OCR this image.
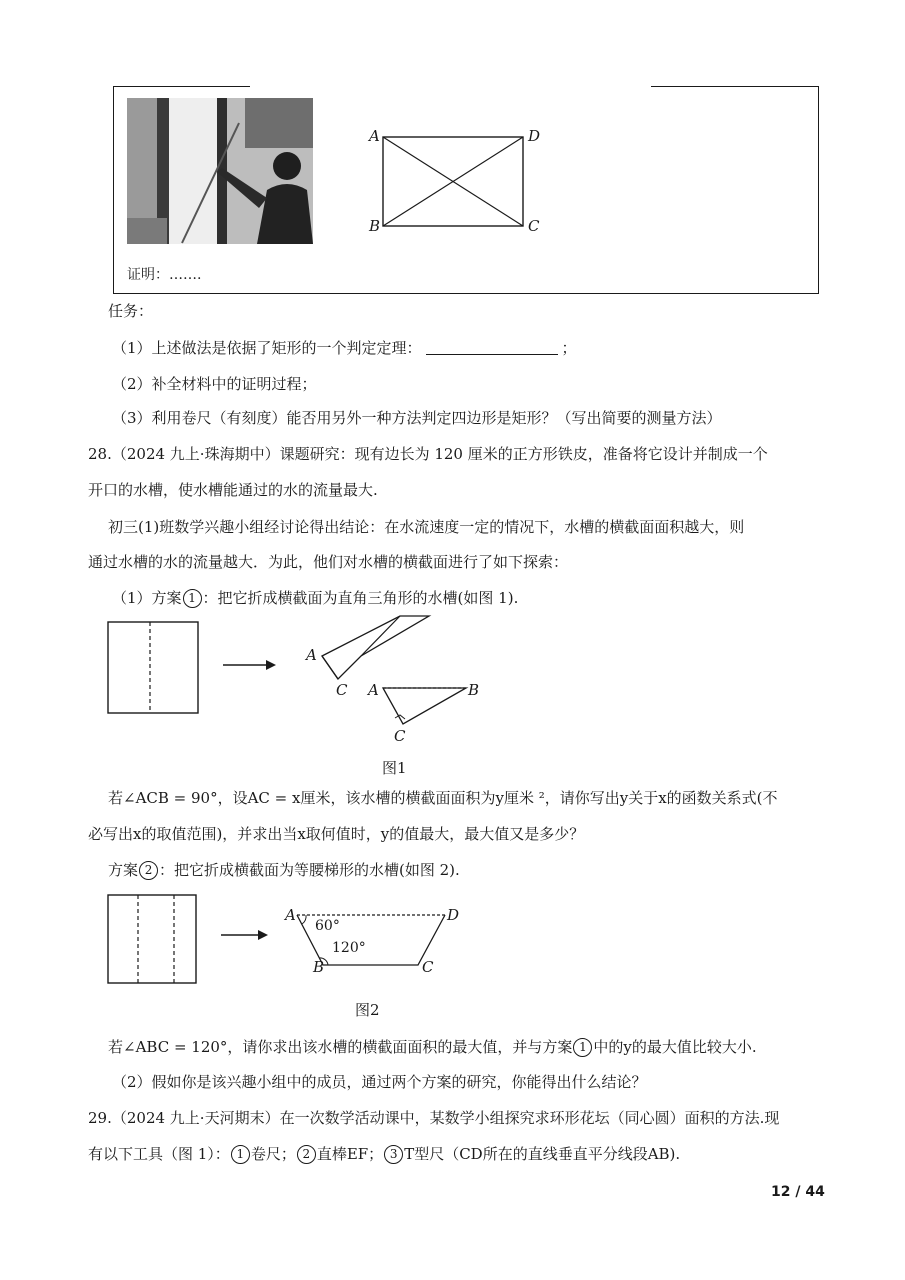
A	D
B	C
证明：…….
任务：
（1）上述做法是依据了矩形的一个判定定理：	；
（2）补全材料中的证明过程；
（3）利用卷尺（有刻度）能否用另外一种方法判定四边形是矩形？（写出简要的测量方法）
28.（2024 九上·珠海期中）课题研究：现有边长为 120 厘米的正方形铁皮，准备将它设计并制成一个
开口的水槽，使水槽能通过的水的流量最大.
初三(1)班数学兴趣小组经讨论得出结论：在水流速度一定的情况下，水槽的横截面面积越大，则
通过水槽的水的流量越大．为此，他们对水槽的横截面进行了如下探索：
（1）方案 1 ：把它折成横截面为直角三角形的水槽(如图 1).
A
C A	B
C
图1
若∠ACB = 90°，设AC = x厘米，该水槽的横截面面积为y厘米 ²，请你写出y关于x的函数关系式(不
必写出x的取值范围)，并求出当x取何值时，y的值最大，最大值又是多少？
方案 2 ：把它折成横截面为等腰梯形的水槽(如图 2).
A	D
60°
120°
B	C
图2
若∠ABC = 120°，请你求出该水槽的横截面面积的最大值，并与方案 1 中的y的最大值比较大小.
（2）假如你是该兴趣小组中的成员，通过两个方案的研究，你能得出什么结论？
29.（2024 九上·天河期末）在一次数学活动课中，某数学小组探究求环形花坛（同心圆）面积的方法.现
有以下工具（图 1）： 1 卷尺； 2 直棒EF； 3 T型尺（CD所在的直线垂直平分线段AB).
12 / 44
